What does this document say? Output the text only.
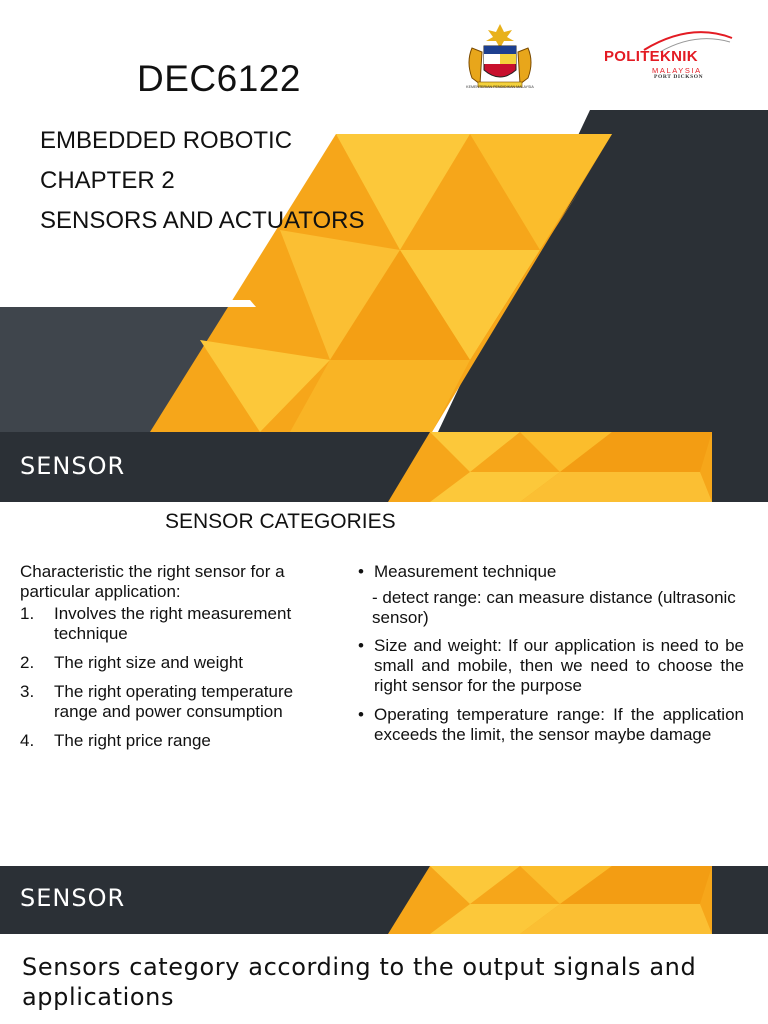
DEC6122
EMBEDDED ROBOTIC
CHAPTER 2
SENSORS AND ACTUATORS
KEMENTERIAN PENDIDIKAN MALAYSIA
POLITEKNIK
MALAYSIA
PORT DICKSON
SENSOR
SENSOR CATEGORIES
Characteristic the right sensor for a particular application:
1. Involves the right measurement technique
2. The right size and weight
3. The right operating temperature range and power consumption
4. The right price range
• Measurement technique
- detect range: can measure distance (ultrasonic sensor)
• Size and weight: If our application is need to be small and mobile, then we need to choose the right sensor for the purpose
• Operating temperature range: If the application exceeds the limit, the sensor maybe damage
SENSOR
Sensors category according to the output signals and applications
